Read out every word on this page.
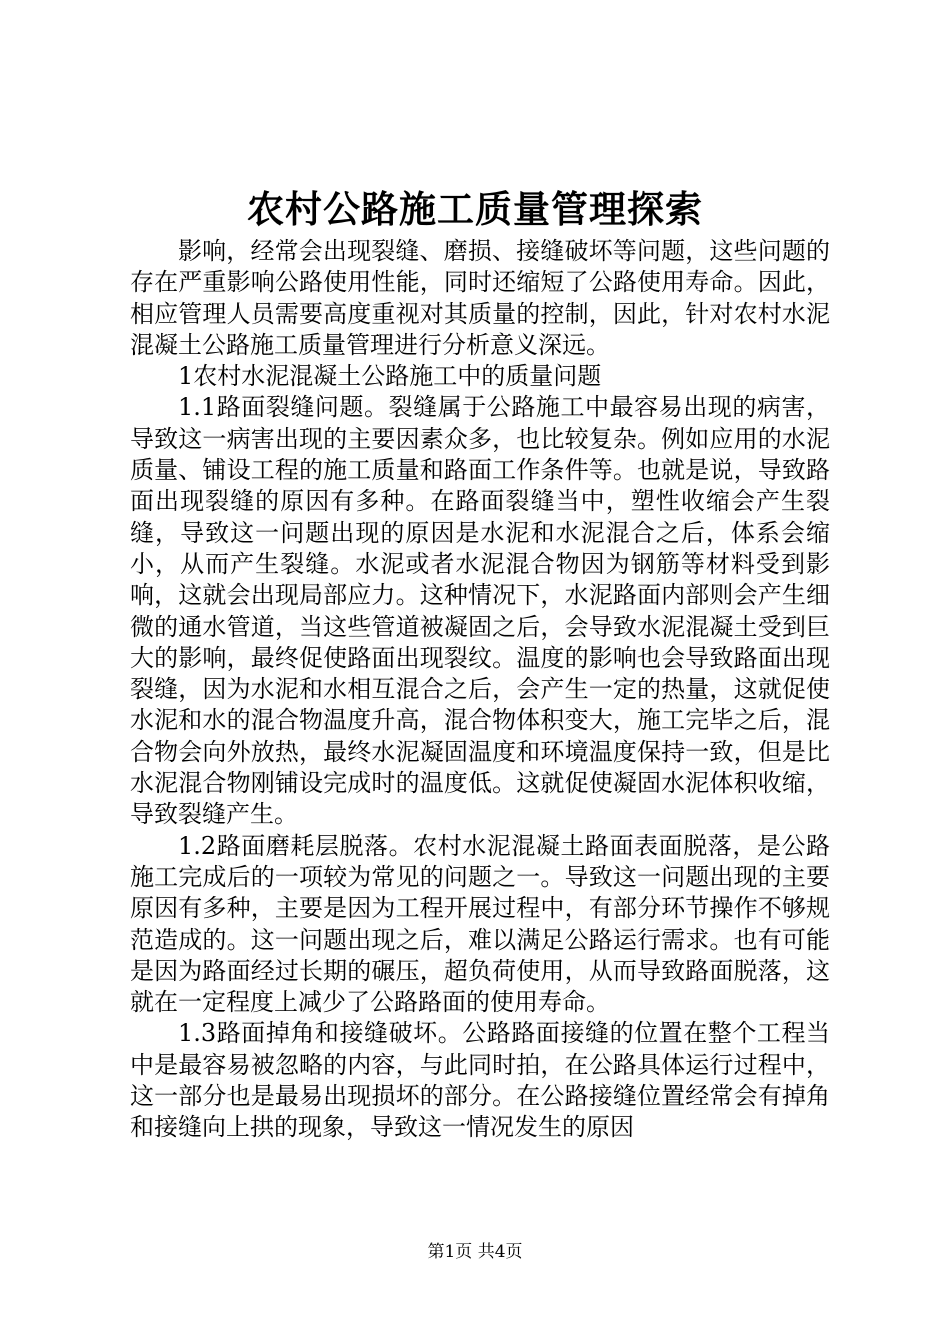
农村公路施工质量管理探索

影响，经常会出现裂缝、磨损、接缝破坏等问题，这些问题的存在严重影响公路使用性能，同时还缩短了公路使用寿命。因此，相应管理人员需要高度重视对其质量的控制，因此，针对农村水泥混凝土公路施工质量管理进行分析意义深远。

1农村水泥混凝土公路施工中的质量问题

1.1路面裂缝问题。裂缝属于公路施工中最容易出现的病害，导致这一病害出现的主要因素众多，也比较复杂。例如应用的水泥质量、铺设工程的施工质量和路面工作条件等。也就是说，导致路面出现裂缝的原因有多种。在路面裂缝当中，塑性收缩会产生裂缝，导致这一问题出现的原因是水泥和水泥混合之后，体系会缩小，从而产生裂缝。水泥或者水泥混合物因为钢筋等材料受到影响，这就会出现局部应力。这种情况下，水泥路面内部则会产生细微的通水管道，当这些管道被凝固之后，会导致水泥混凝土受到巨大的影响，最终促使路面出现裂纹。温度的影响也会导致路面出现裂缝，因为水泥和水相互混合之后，会产生一定的热量，这就促使水泥和水的混合物温度升高，混合物体积变大，施工完毕之后，混合物会向外放热，最终水泥凝固温度和环境温度保持一致，但是比水泥混合物刚铺设完成时的温度低。这就促使凝固水泥体积收缩，导致裂缝产生。

1.2路面磨耗层脱落。农村水泥混凝土路面表面脱落，是公路施工完成后的一项较为常见的问题之一。导致这一问题出现的主要原因有多种，主要是因为工程开展过程中，有部分环节操作不够规范造成的。这一问题出现之后，难以满足公路运行需求。也有可能是因为路面经过长期的碾压，超负荷使用，从而导致路面脱落，这就在一定程度上减少了公路路面的使用寿命。

1.3路面掉角和接缝破坏。公路路面接缝的位置在整个工程当中是最容易被忽略的内容，与此同时拍，在公路具体运行过程中，这一部分也是最易出现损坏的部分。在公路接缝位置经常会有掉角和接缝向上拱的现象，导致这一情况发生的原因

第1页 共4页
